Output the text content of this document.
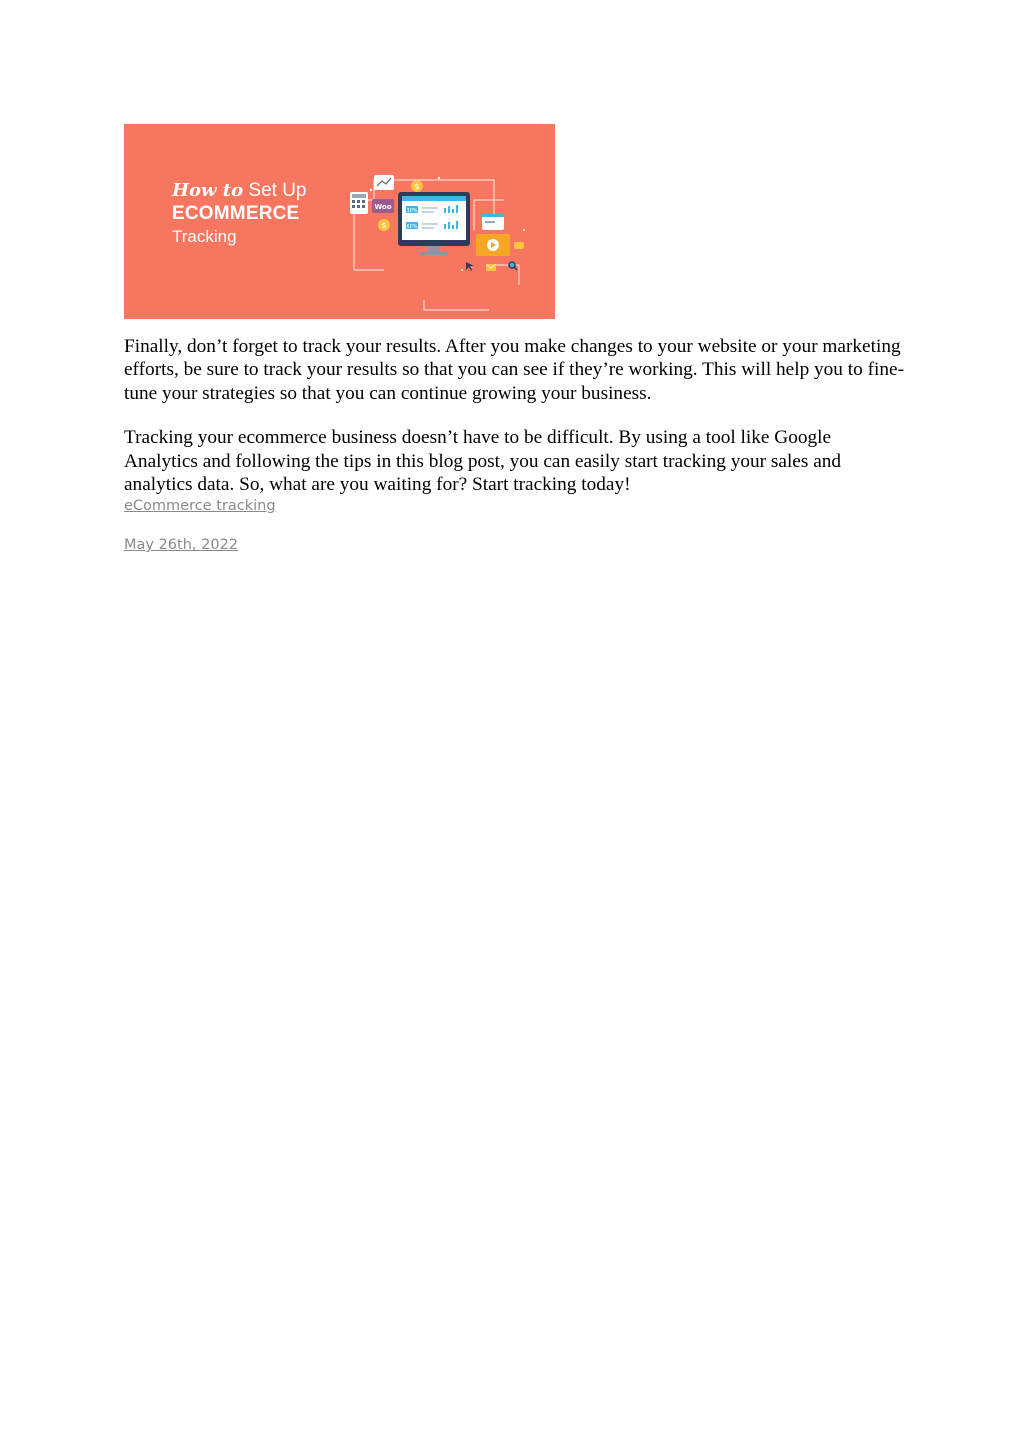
How to Set Up
ECOMMERCE
Tracking
$
$
Woo	30%
60%

Finally, don’t forget to track your results. After you make changes to your website or your marketing efforts, be sure to track your results so that you can see if they’re working. This will help you to fine-tune your strategies so that you can continue growing your business.

Tracking your ecommerce business doesn’t have to be difficult. By using a tool like Google Analytics and following the tips in this blog post, you can easily start tracking your sales and analytics data. So, what are you waiting for? Start tracking today!

eCommerce tracking
May 26th, 2022
